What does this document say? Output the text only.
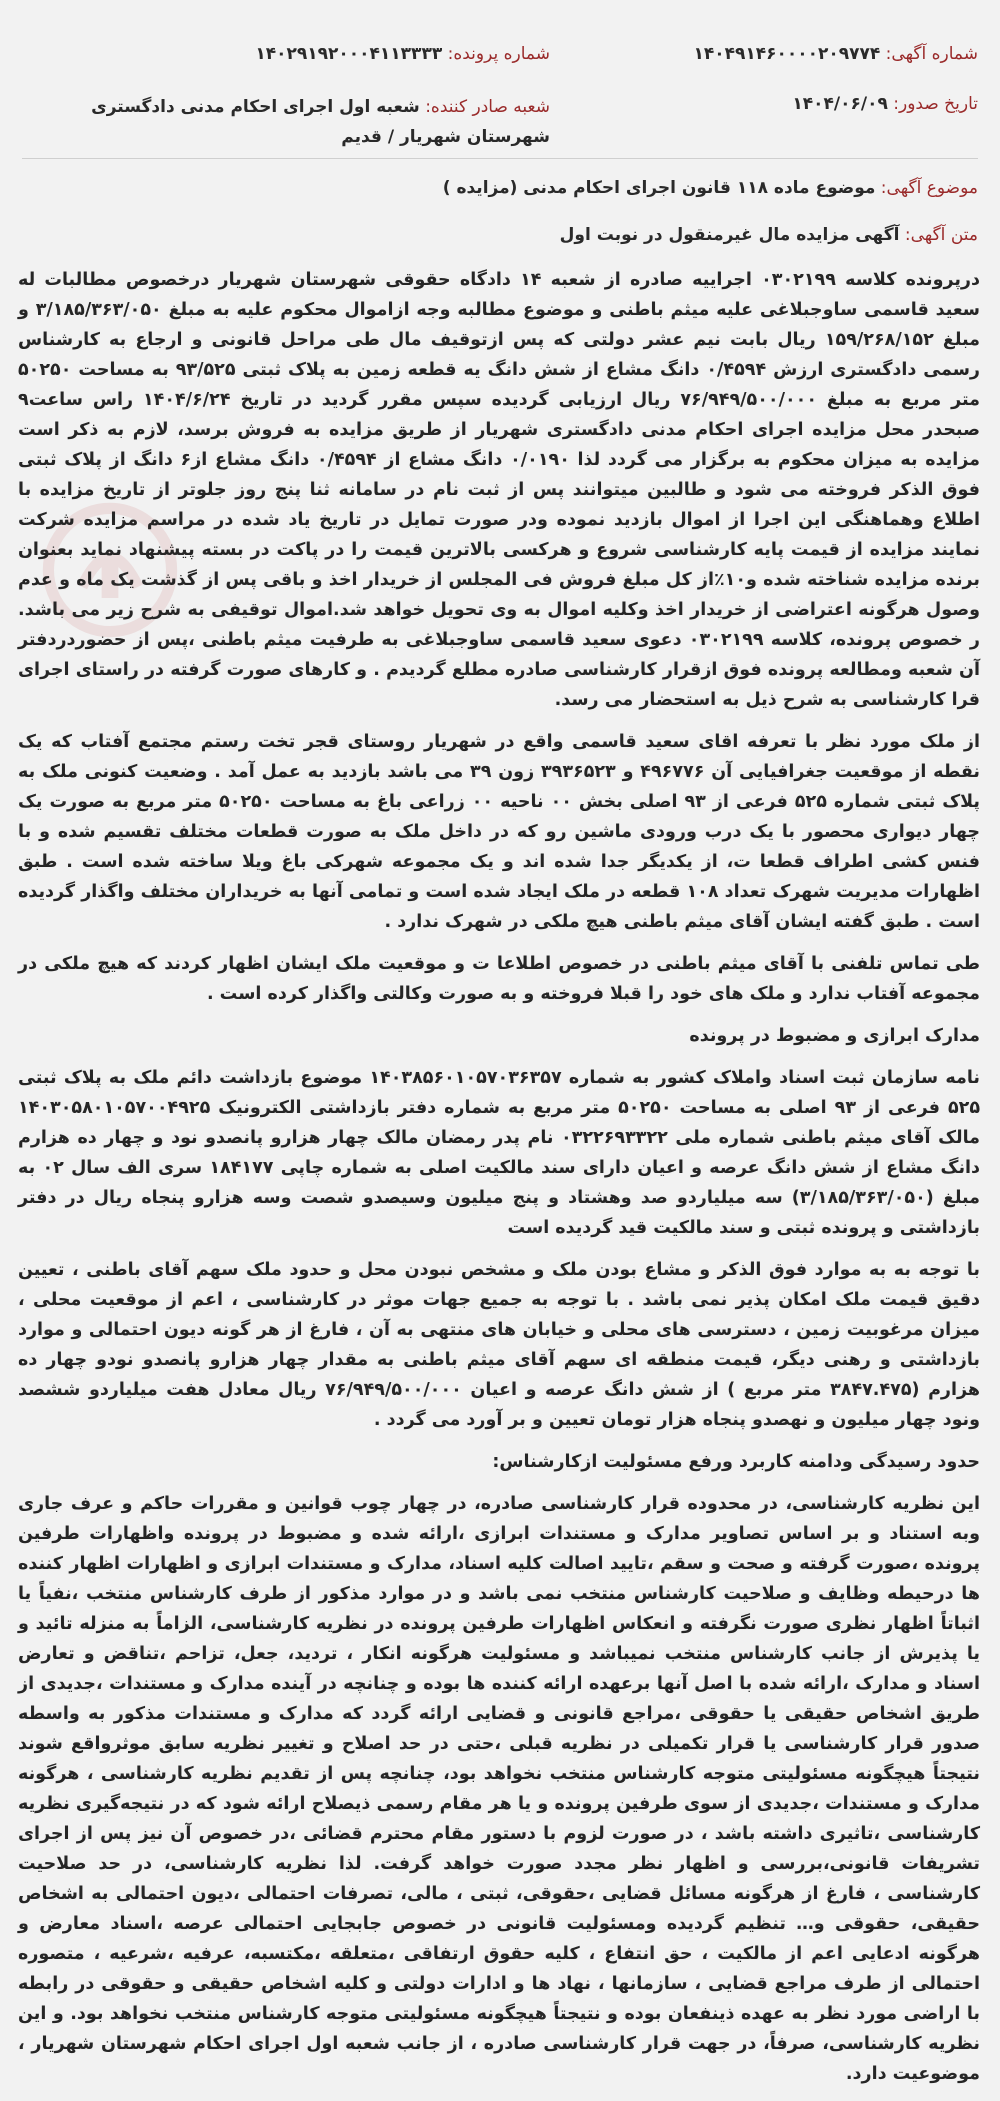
شماره آگهی: ۱۴۰۴۹۱۴۶۰۰۰۰۲۰۹۷۷۴
شماره پرونده: ۱۴۰۲۹۱۹۲۰۰۰۴۱۱۳۳۳۳
تاریخ صدور: ۱۴۰۴/۰۶/۰۹
شعبه صادر کننده: شعبه اول اجرای احکام مدنی دادگستری شهرستان شهریار / قدیم
موضوع آگهی: موضوع ماده ۱۱۸ قانون اجرای احکام مدنی (مزایده )
متن آگهی: آگهی مزایده مال غیرمنقول در نوبت اول

درپرونده کلاسه ۰۳۰۲۱۹۹ اجراییه صادره از شعبه ۱۴ دادگاه حقوقی شهرستان شهریار درخصوص مطالبات له سعید قاسمی ساوجبلاغی علیه میثم باطنی و موضوع مطالبه وجه ازاموال محکوم علیه به مبلغ ۳/۱۸۵/۳۶۳/۰۵۰ و مبلغ ۱۵۹/۲۶۸/۱۵۲ ریال بابت نیم عشر دولتی که پس ازتوقیف مال طی مراحل قانونی و ارجاع به کارشناس رسمی دادگستری ارزش ۰/۴۵۹۴ دانگ مشاع از شش دانگ یه قطعه زمین به پلاک ثبتی ۹۳/۵۲۵ به مساحت ۵۰۲۵۰ متر مربع به مبلغ ۷۶/۹۴۹/۵۰۰/۰۰۰ ریال ارزیابی گردیده سپس مقرر گردید در تاریخ ۱۴۰۴/۶/۲۴ راس ساعت۹ صبحدر محل مزایده اجرای احکام مدنی دادگستری شهریار از طریق مزایده به فروش برسد، لازم به ذکر است مزایده به میزان محکوم به برگزار می گردد لذا ۰/۰۱۹۰ دانگ مشاع از ۰/۴۵۹۴ دانگ مشاع از۶ دانگ از پلاک ثبتی فوق الذکر فروخته می شود و طالبین میتوانند پس از ثبت نام در سامانه ثنا پنج روز جلوتر از تاریخ مزایده با اطلاع وهماهنگی این اجرا از اموال بازدید نموده ودر صورت تمایل در تاریخ یاد شده در مراسم مزایده شرکت نمایند مزایده از قیمت پایه کارشناسی شروع و هرکسی بالاترین قیمت را در پاکت در بسته پیشنهاد نماید بعنوان برنده مزایده شناخته شده و۱۰٪از کل مبلغ فروش فی المجلس از خریدار اخذ و باقی پس از گذشت یک ماه و عدم وصول هرگونه اعتراضی از خریدار اخذ وکلیه اموال به وی تحویل خواهد شد.اموال توقیفی به شرح زیر می باشد. ر خصوص پرونده، کلاسه ۰۳۰۲۱۹۹ دعوی سعید قاسمی ساوجبلاغی به طرفیت میثم باطنی ،پس از حضوردردفتر آن شعبه ومطالعه پرونده فوق ازقرار کارشناسی صادره مطلع گردیدم . و کارهای صورت گرفته در راستای اجرای قرا کارشناسی به شرح ذیل به استحضار می رسد.

از ملک مورد نظر با تعرفه اقای سعید قاسمی واقع در شهریار روستای قجر تخت رستم مجتمع آفتاب که یک نقطه از موقعیت جغرافیایی آن ۴۹۶۷۷۶ و ۳۹۳۶۵۲۳ زون ۳۹ می باشد بازدید به عمل آمد . وضعیت کنونی ملک به پلاک ثبتی شماره ۵۲۵ فرعی از ۹۳ اصلی بخش ۰۰ ناحیه ۰۰ زراعی باغ به مساحت ۵۰۲۵۰ متر مربع به صورت یک چهار دیواری محصور با یک درب ورودی ماشین رو که در داخل ملک به صورت قطعات مختلف تقسیم شده و با فنس کشی اطراف قطعا ت، از یکدیگر جدا شده اند و یک مجموعه شهرکی باغ ویلا ساخته شده است . طبق اظهارات مدیریت شهرک تعداد ۱۰۸ قطعه در ملک ایجاد شده است و تمامی آنها به خریداران مختلف واگذار گردیده است . طبق گفته ایشان آقای میثم باطنی هیچ ملکی در شهرک ندارد .

طی تماس تلفنی با آقای میثم باطنی در خصوص اطلاعا ت و موقعیت ملک ایشان اظهار کردند که هیچ ملکی در مجموعه آفتاب ندارد و ملک های خود را قبلا فروخته و به صورت وکالتی واگذار کرده است .

مدارک ابرازی و مضبوط در پرونده

نامه سازمان ثبت اسناد واملاک کشور به شماره ۱۴۰۳۸۵۶۰۱۰۵۷۰۳۶۳۵۷ موضوع بازداشت دائم ملک به پلاک ثبتی ۵۲۵ فرعی از ۹۳ اصلی به مساحت ۵۰۲۵۰ متر مربع به شماره دفتر بازداشتی الکترونیک ۱۴۰۳۰۵۸۰۱۰۵۷۰۰۴۹۲۵ مالک آقای میثم باطنی شماره ملی ۰۳۲۲۶۹۳۳۲۲ نام پدر رمضان مالک چهار هزارو پانصدو نود و چهار ده هزارم دانگ مشاع از شش دانگ عرصه و اعیان دارای سند مالکیت اصلی به شماره چاپی ۱۸۴۱۷۷ سری الف سال ۰۲ به مبلغ (۳/۱۸۵/۳۶۳/۰۵۰) سه میلیاردو صد وهشتاد و پنج میلیون وسیصدو شصت وسه هزارو پنجاه ریال در دفتر بازداشتی و پرونده ثبتی و سند مالکیت قید گردیده است

با توجه به به موارد فوق الذکر و مشاع بودن ملک و مشخص نبودن محل و حدود ملک سهم آقای باطنی ، تعیین دقیق قیمت ملک امکان پذیر نمی باشد . با توجه به جمیع جهات موثر در کارشناسی ، اعم از موقعیت محلی ، میزان مرغوبیت زمین ، دسترسی های محلی و خیابان های منتهی به آن ، فارغ از هر گونه دیون احتمالی و موارد بازداشتی و رهنی دیگر، قیمت منطقه ای سهم آقای میثم باطنی به مقدار چهار هزارو پانصدو نودو چهار ده هزارم (۳۸۴۷.۴۷۵ متر مربع ) از شش دانگ عرصه و اعیان ۷۶/۹۴۹/۵۰۰/۰۰۰ ریال معادل هفت میلیاردو ششصد ونود چهار میلیون و نهصدو پنجاه هزار تومان تعیین و بر آورد می گردد .

حدود رسیدگی ودامنه کاربرد ورفع مسئولیت ازکارشناس:

این نظریه کارشناسی، در محدوده قرار کارشناسی صادره، در چهار چوب قوانین و مقررات حاکم و عرف جاری وبه استناد و بر اساس تصاویر مدارک و مستندات ابرازی ،ارائه شده و مضبوط در پرونده واظهارات طرفین پرونده ،صورت گرفته و صحت و سقم ،تایید اصالت کلیه اسناد، مدارک و مستندات ابرازی و اظهارات اظهار کننده ها درحیطه وظایف و صلاحیت کارشناس منتخب نمی باشد و در موارد مذکور از طرف کارشناس منتخب ،نفیاً یا اثباتاً اظهار نظری صورت نگرفته و انعکاس اظهارات طرفین پرونده در نظریه کارشناسی، الزاماً به منزله تائید و یا پذیرش از جانب کارشناس منتخب نمیباشد و مسئولیت هرگونه انکار ، تردید، جعل، تزاحم ،تناقض و تعارض اسناد و مدارک ،ارائه شده با اصل آنها برعهده ارائه کننده ها بوده و چنانچه در آینده مدارک و مستندات ،جدیدی از طریق اشخاص حقیقی یا حقوقی ،مراجع قانونی و قضایی ارائه گردد که مدارک و مستندات مذکور به واسطه صدور قرار کارشناسی یا قرار تکمیلی در نظریه قبلی ،حتی در حد اصلاح و تغییر نظریه سابق موثرواقع شوند نتیجتاً هیچگونه مسئولیتی متوجه کارشناس منتخب نخواهد بود، چنانچه پس از تقدیم نظریه کارشناسی ، هرگونه مدارک و مستندات ،جدیدی از سوی طرفین پرونده و یا هر مقام رسمی ذیصلاح ارائه شود که در نتیجه‌گیری نظریه کارشناسی ،تاثیری داشته باشد ، در صورت لزوم با دستور مقام محترم قضائی ،در خصوص آن نیز پس از اجرای تشریفات قانونی،بررسی و اظهار نظر مجدد صورت خواهد گرفت. لذا نظریه کارشناسی، در حد صلاحیت کارشناسی ، فارغ از هرگونه مسائل قضایی ،حقوقی، ثبتی ، مالی، تصرفات احتمالی ،دیون احتمالی به اشخاص حقیقی، حقوقی و… تنظیم گردیده ومسئولیت قانونی در خصوص جابجایی احتمالی عرصه ،اسناد معارض و هرگونه ادعایی اعم از مالکیت ، حق انتفاع ، کلیه حقوق ارتفاقی ،متعلقه ،مکتسبه، عرفیه ،شرعیه ، متصوره احتمالی از طرف مراجع قضایی ، سازمانها ، نهاد ها و ادارات دولتی و کلیه اشخاص حقیقی و حقوقی در رابطه با اراضی مورد نظر به عهده ذینفعان بوده و نتیجتاً هیچگونه مسئولیتی متوجه کارشناس منتخب نخواهد بود. و این نظریه کارشناسی، صرفاً، در جهت قرار کارشناسی صادره ، از جانب شعبه اول اجرای احکام شهرستان شهریار ، موضوعیت دارد.
